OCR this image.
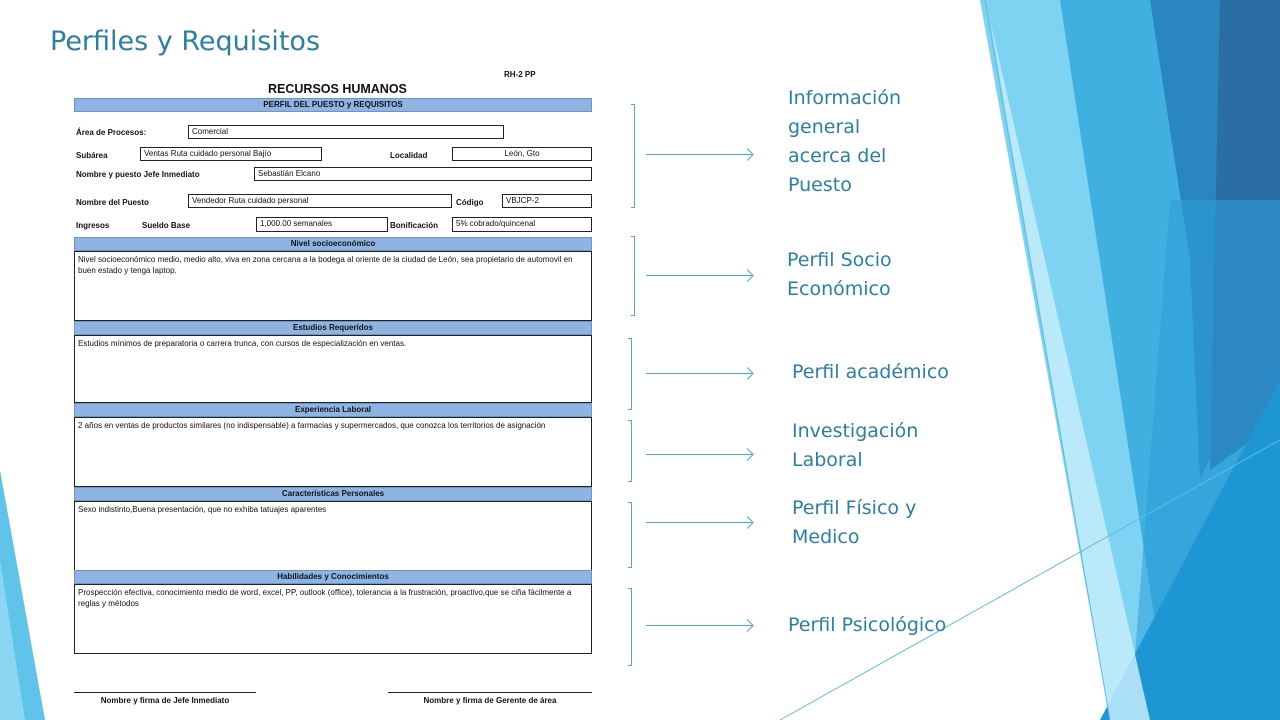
Perfiles y Requisitos
RECURSOS HUMANOS
RH-2 PP
PERFIL DEL PUESTO y REQUISITOS
Área de Procesos:	Comercial
Subárea	Ventas Ruta cuidado personal Bajío	Localidad	León, Gto
Nombre y puesto Jefe Inmediato	Sebastián Elcano
Nombre del Puesto	Vendedor Ruta cuidado personal	Código	VBJCP-2
Ingresos	Sueldo Base	1,000.00 semanales	Bonificación	5% cobrado/quincenal
Nivel socioeconómico
Nivel socioeconómico medio, medio alto, viva en zona cercana a la bodega al oriente de la ciudad de León, sea propietario de automovil en buen estado y tenga laptop.
Estudios Requeridos
Estudios mínimos de preparatoria o carrera trunca, con cursos de especialización en ventas.
Experiencia Laboral
2 años en ventas de productos similares (no indispensable) a farmacias y supermercados, que conozca los territorios de asignación
Características Personales
Sexo indistinto,Buena presentación, que no exhiba tatuajes aparentes
Habilidades y Conocimientos
Prospección efectiva, conocimiento medio de word, excel, PP, outlook (office), tolerancia a la frustración, proactivo,que se ciña fácilmente a reglas y métodos
Nombre y firma de Jefe Inmediato	Nombre y firma de Gerente de área
Información general acerca del Puesto
Perfil Socio Económico
Perfil académico
Investigación Laboral
Perfil Físico y Medico
Perfil Psicológico
